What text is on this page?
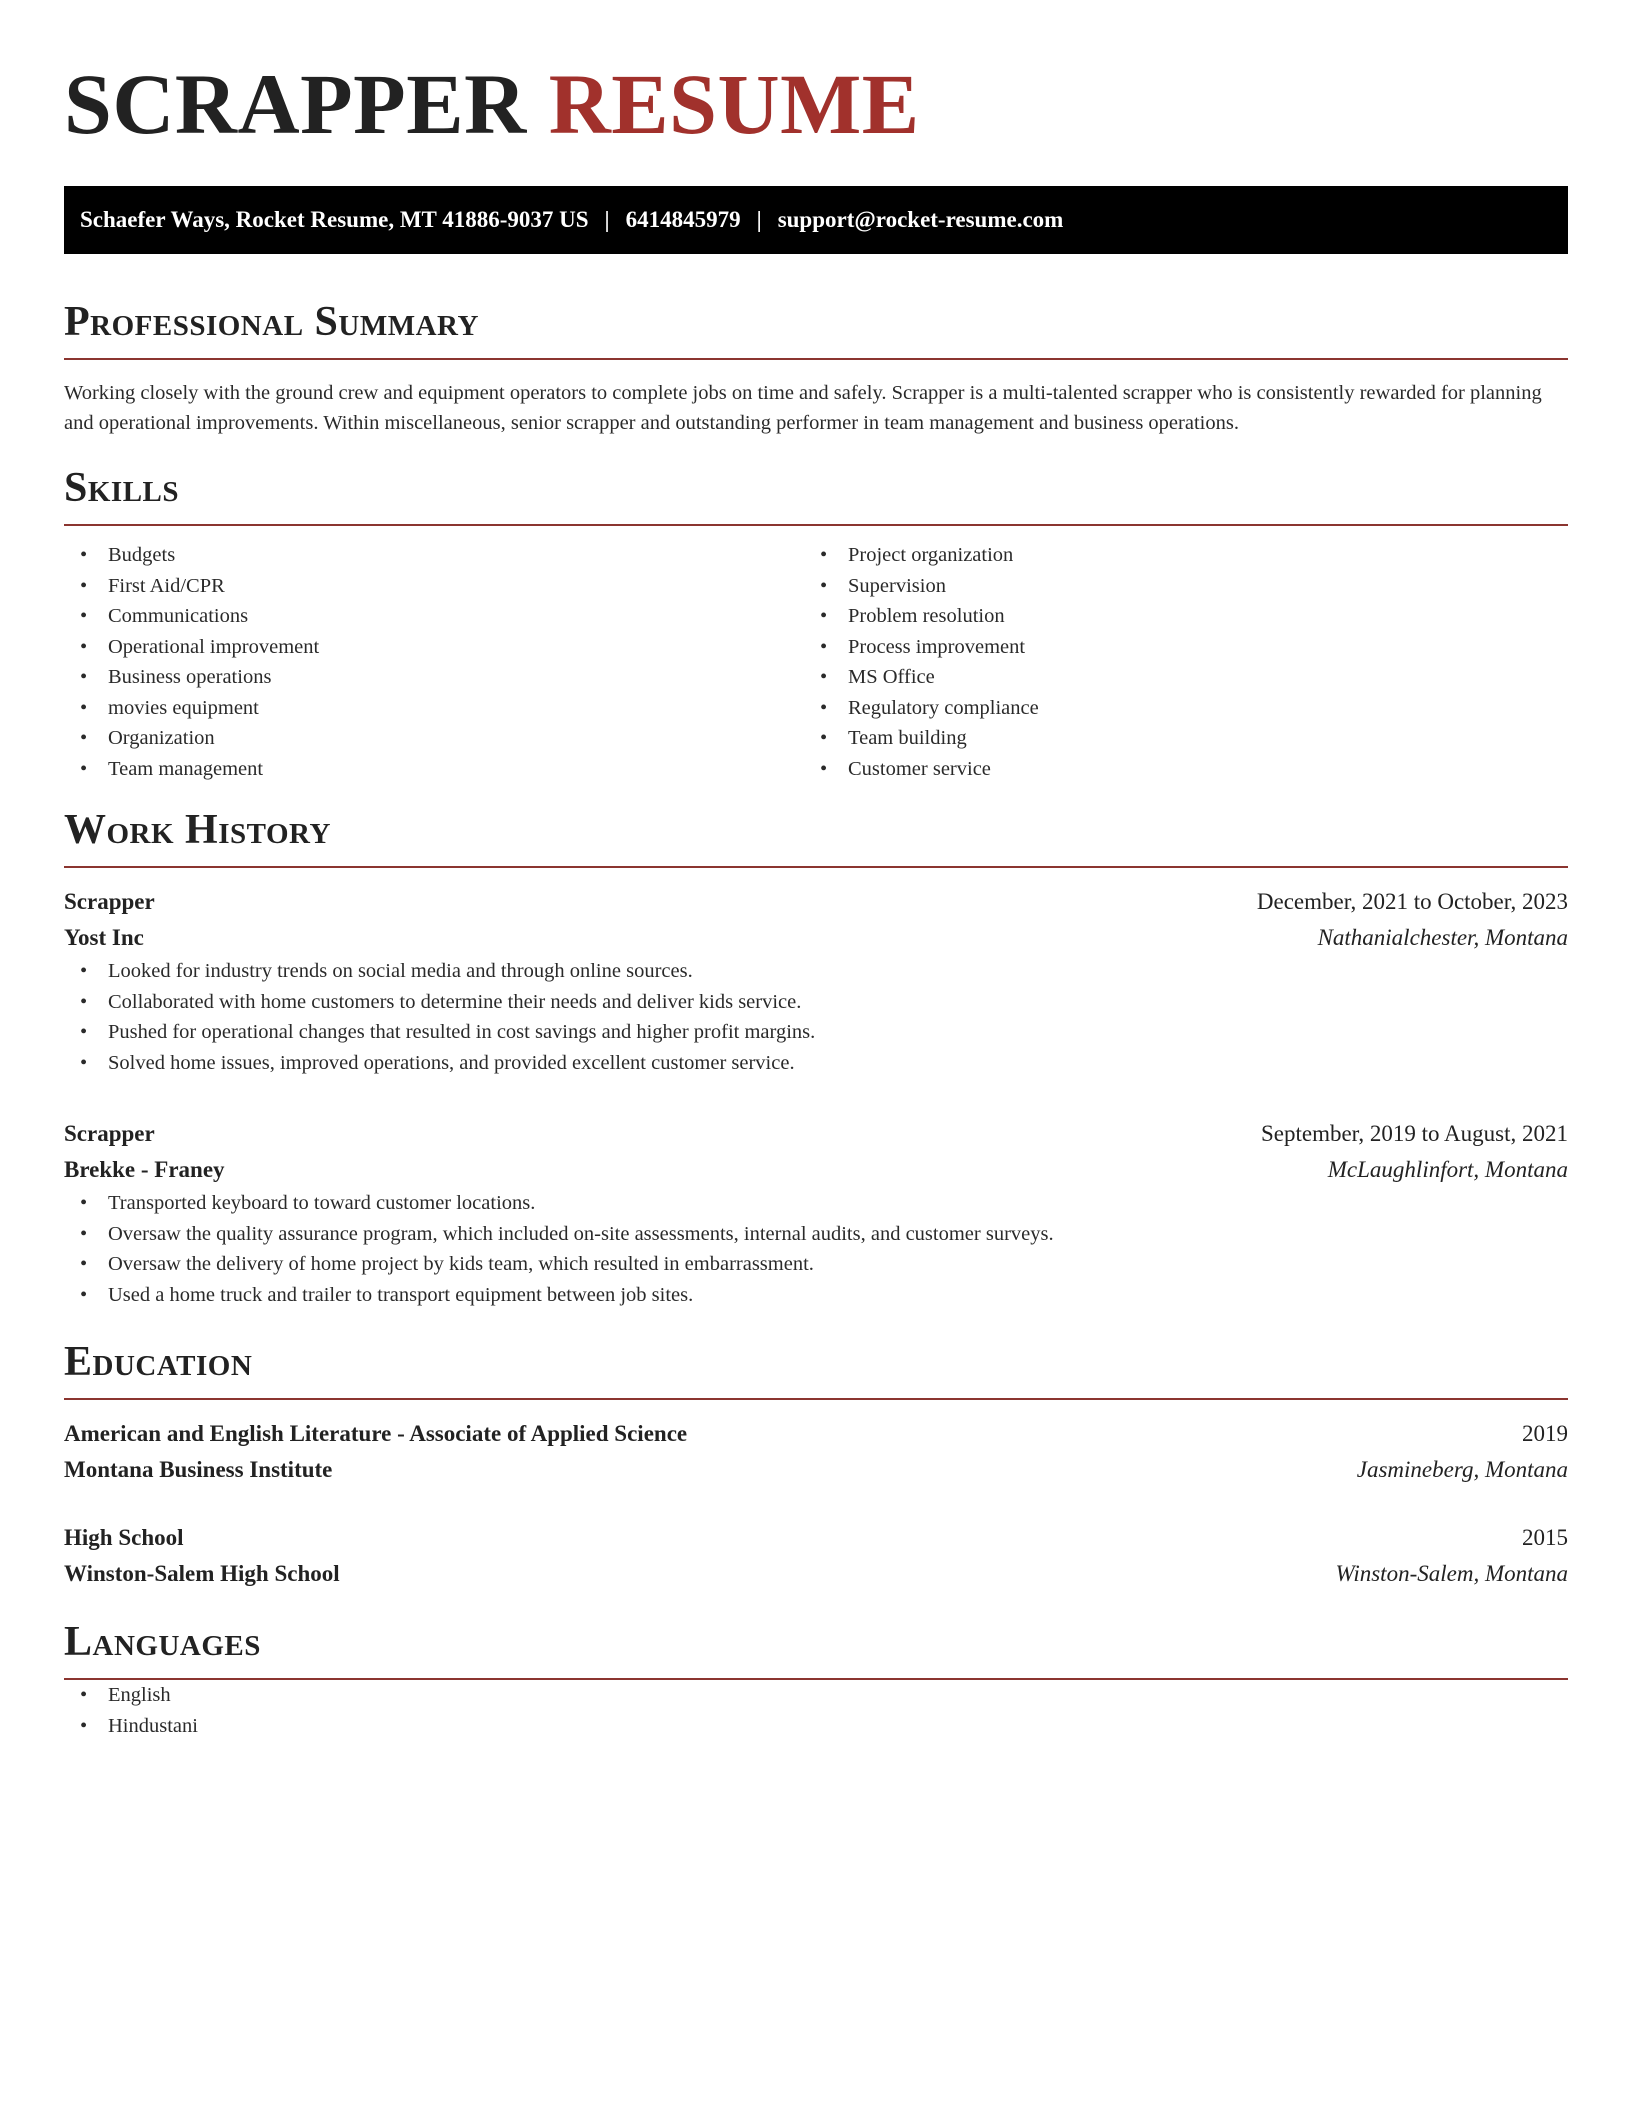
SCRAPPER RESUME
Schaefer Ways, Rocket Resume, MT 41886-9037 US | 6414845979 | support@rocket-resume.com
Professional Summary

Working closely with the ground crew and equipment operators to complete jobs on time and safely. Scrapper is a multi-talented scrapper who is consistently rewarded for planning and operational improvements. Within miscellaneous, senior scrapper and outstanding performer in team management and business operations.

Skills
• Budgets
• First Aid/CPR
• Communications
• Operational improvement
• Business operations
• movies equipment
• Organization
• Team management
• Project organization
• Supervision
• Problem resolution
• Process improvement
• MS Office
• Regulatory compliance
• Team building
• Customer service
Work History
Scrapper	December, 2021 to October, 2023
Yost Inc	Nathanialchester, Montana
• Looked for industry trends on social media and through online sources.
• Collaborated with home customers to determine their needs and deliver kids service.
• Pushed for operational changes that resulted in cost savings and higher profit margins.
• Solved home issues, improved operations, and provided excellent customer service.
Scrapper	September, 2019 to August, 2021
Brekke - Franey	McLaughlinfort, Montana
• Transported keyboard to toward customer locations.
• Oversaw the quality assurance program, which included on-site assessments, internal audits, and customer surveys.
• Oversaw the delivery of home project by kids team, which resulted in embarrassment.
• Used a home truck and trailer to transport equipment between job sites.
Education
American and English Literature - Associate of Applied Science	2019
Montana Business Institute	Jasmineberg, Montana
High School	2015
Winston-Salem High School	Winston-Salem, Montana
Languages
• English
• Hindustani
